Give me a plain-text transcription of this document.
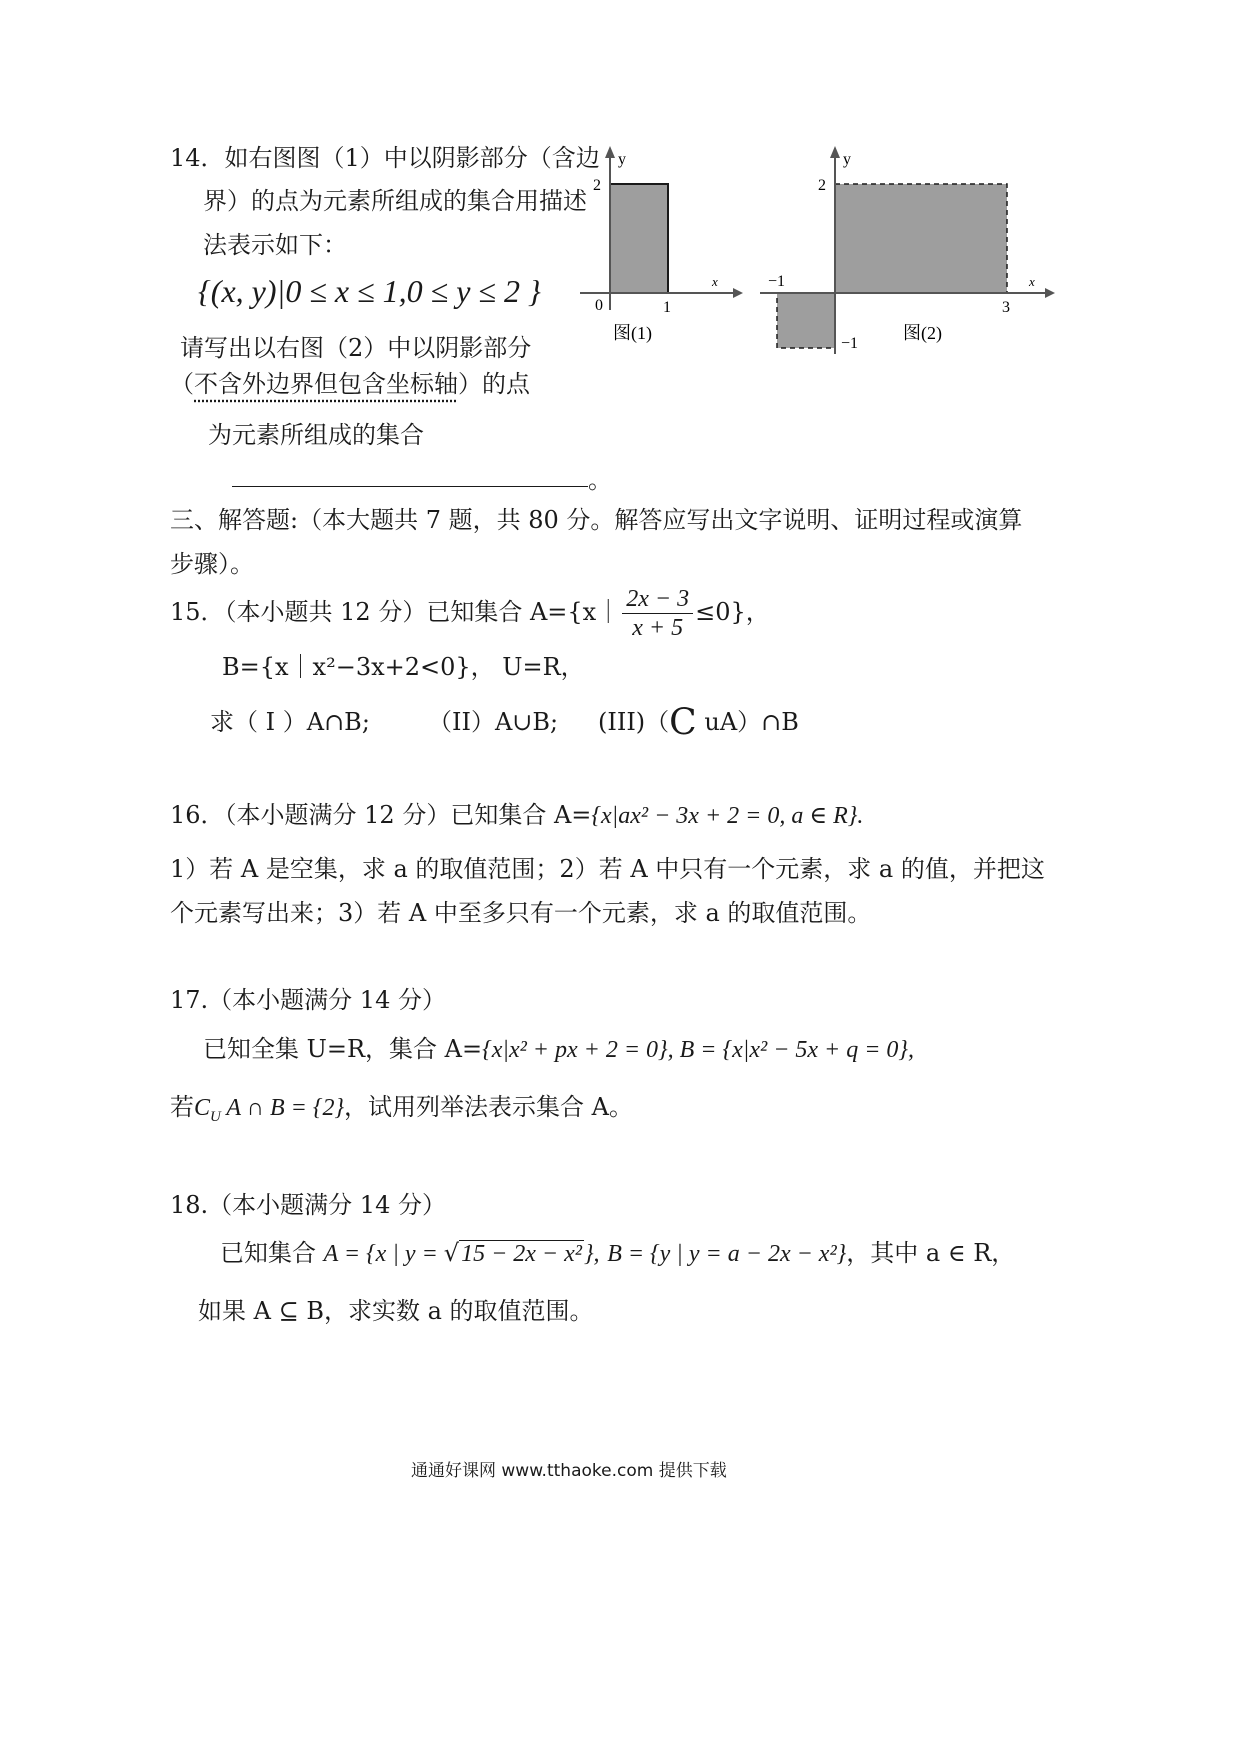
14．如右图图（1）中以阴影部分（含边
界）的点为元素所组成的集合用描述
法表示如下：
{(x, y)|0 ≤ x ≤ 1,0 ≤ y ≤ 2 }
请写出以右图（2）中以阴影部分
（不含外边界但包含坐标轴）的点
为元素所组成的集合
。
y
x
0	1
2
图(1)
y
x
−1
3
2
−1
图(2)
三、解答题:（本大题共 7 题，共 80 分。解答应写出文字说明、证明过程或演算
步骤）。
15．（本小题共 12 分）已知集合 A={x｜ $\frac{2x - 3}{x + 5} \le 0$}，
B={x｜x²−3x+2<0}， U=R，
求（ I ）A∩B; （II）A∪B; (III)（C uA）∩B
16．（本小题满分 12 分）已知集合 A={x|ax² − 3x + 2 = 0, a ∈ R}.
1）若 A 是空集，求 a 的取值范围；2）若 A 中只有一个元素，求 a 的值，并把这
个元素写出来；3）若 A 中至多只有一个元素，求 a 的取值范围。
17.（本小题满分 14 分）
已知全集 U=R，集合 A={x|x² + px + 2 = 0}, B = {x|x² − 5x + q = 0},
若$C_U$ A ∩ B = {2}，试用列举法表示集合 A。
18.（本小题满分 14 分）
已知集合 A = {x | y = √15 − 2x − x²}, B = {y | y = a − 2x − x²}，其中 a ∈ R，
如果 A ⊆ B，求实数 a 的取值范围。
通通好课网 www.tthaoke.com 提供下载
